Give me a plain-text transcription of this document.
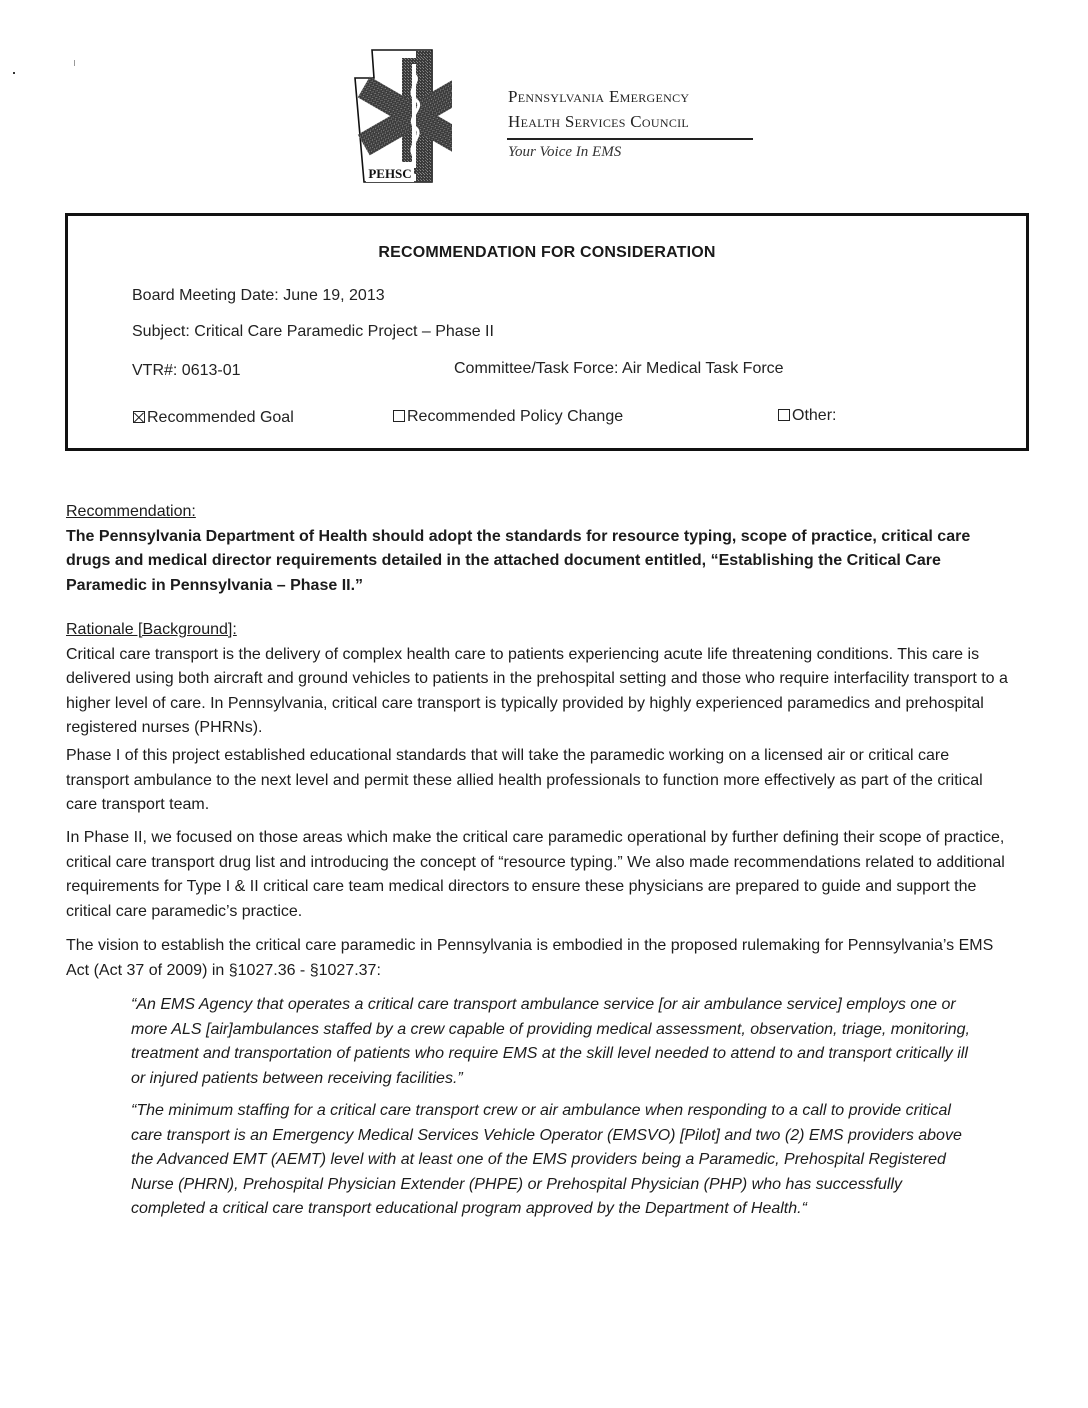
PEHSC
Pennsylvania Emergency
Health Services Council
Your Voice In EMS
RECOMMENDATION FOR CONSIDERATION
Board Meeting Date: June 19, 2013
Subject: Critical Care Paramedic Project – Phase II
VTR#: 0613-01	Committee/Task Force: Air Medical Task Force
Recommended Goal	Recommended Policy Change	Other:
Recommendation:

The Pennsylvania Department of Health should adopt the standards for resource typing, scope of practice, critical care drugs and medical director requirements detailed in the attached document entitled, “Establishing the Critical Care Paramedic in Pennsylvania – Phase II.”

Rationale [Background]:

Critical care transport is the delivery of complex health care to patients experiencing acute life threatening conditions. This care is delivered using both aircraft and ground vehicles to patients in the prehospital setting and those who require interfacility transport to a higher level of care. In Pennsylvania, critical care transport is typically provided by highly experienced paramedics and prehospital registered nurses (PHRNs).

Phase I of this project established educational standards that will take the paramedic working on a licensed air or critical care transport ambulance to the next level and permit these allied health professionals to function more effectively as part of the critical care transport team.

In Phase II, we focused on those areas which make the critical care paramedic operational by further defining their scope of practice, critical care transport drug list and introducing the concept of “resource typing.” We also made recommendations related to additional requirements for Type I & II critical care team medical directors to ensure these physicians are prepared to guide and support the critical care paramedic’s practice.

The vision to establish the critical care paramedic in Pennsylvania is embodied in the proposed rulemaking for Pennsylvania’s EMS Act (Act 37 of 2009) in §1027.36 - §1027.37:

“An EMS Agency that operates a critical care transport ambulance service [or air ambulance service] employs one or more ALS [air]ambulances staffed by a crew capable of providing medical assessment, observation, triage, monitoring, treatment and transportation of patients who require EMS at the skill level needed to attend to and transport critically ill or injured patients between receiving facilities.”
“The minimum staffing for a critical care transport crew or air ambulance when responding to a call to provide critical care transport is an Emergency Medical Services Vehicle Operator (EMSVO) [Pilot] and two (2) EMS providers above the Advanced EMT (AEMT) level with at least one of the EMS providers being a Paramedic, Prehospital Registered Nurse (PHRN), Prehospital Physician Extender (PHPE) or Prehospital Physician (PHP) who has successfully completed a critical care transport educational program approved by the Department of Health.“
